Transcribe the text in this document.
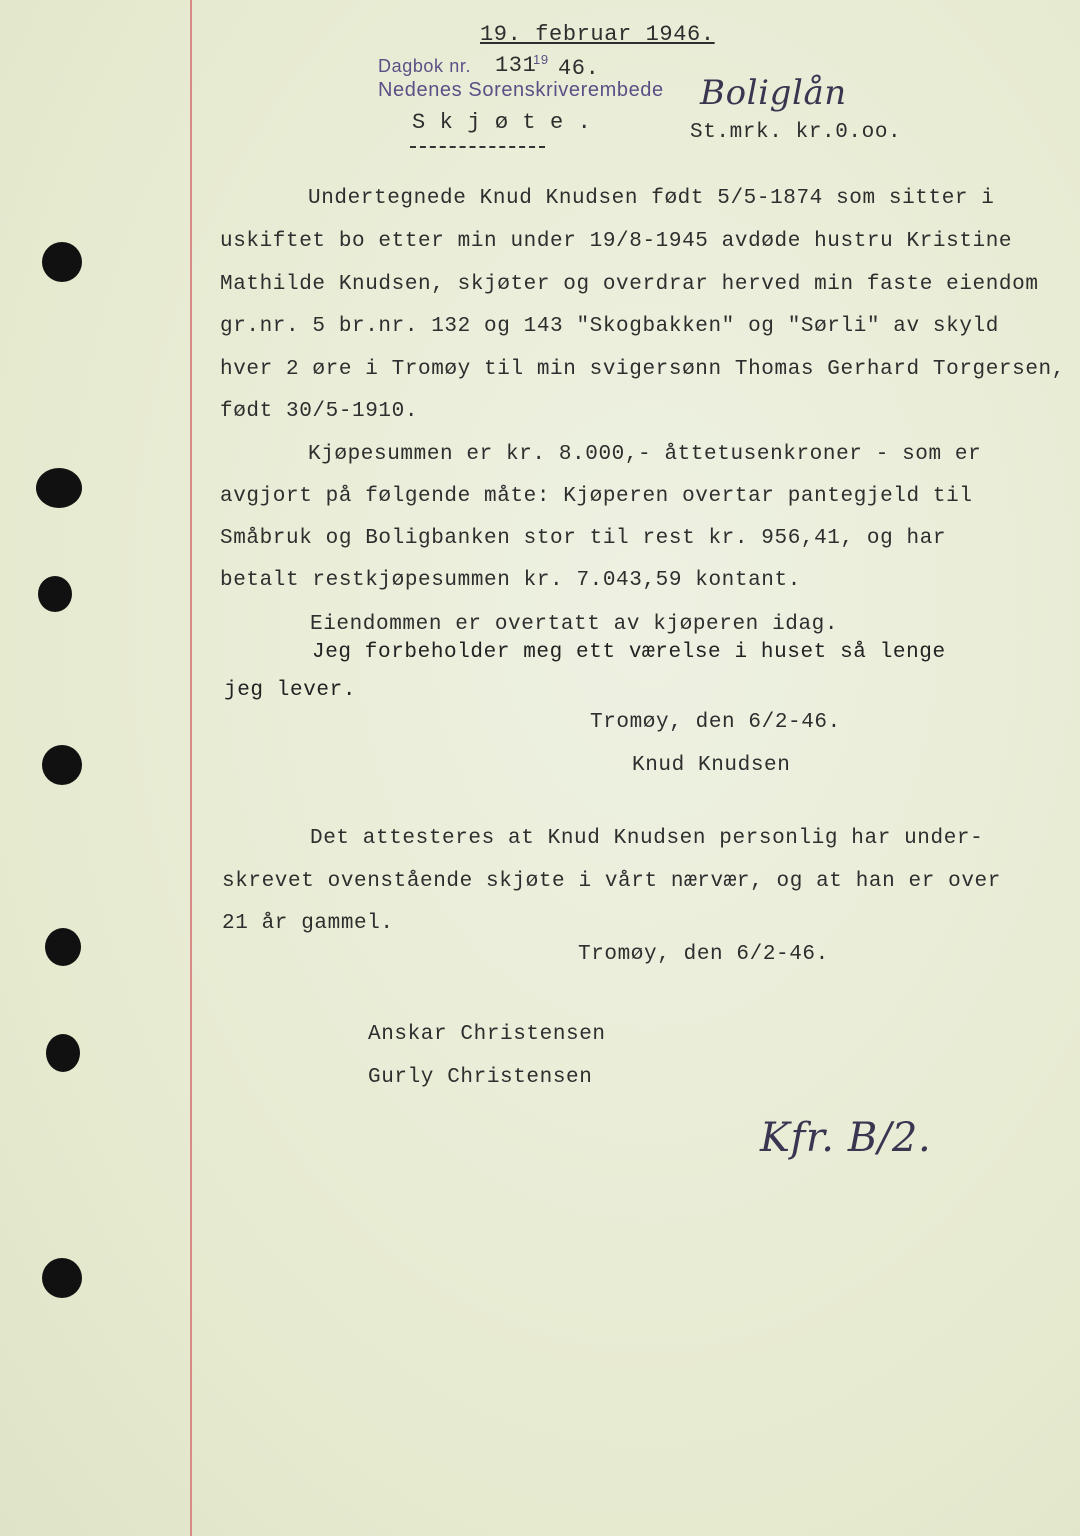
19. februar 1946.
Dagbok nr. 131
19 46.
Nedenes Sorenskriverembede
S k j ø t e .
Boliglån
St.mrk. kr.0.oo.
Undertegnede Knud Knudsen født 5/5-1874 som sitter i
uskiftet bo etter min under 19/8-1945 avdøde hustru Kristine
Mathilde Knudsen, skjøter og overdrar herved min faste eiendom
gr.nr. 5 br.nr. 132 og 143 "Skogbakken" og "Sørli" av skyld
hver 2 øre i Tromøy til min svigersønn Thomas Gerhard Torgersen,
født 30/5-1910.
Kjøpesummen er kr. 8.000,- åttetusenkroner - som er
avgjort på følgende måte: Kjøperen overtar pantegjeld til
Småbruk og Boligbanken stor til rest kr. 956,41, og har
betalt restkjøpesummen kr. 7.043,59 kontant.
Eiendommen er overtatt av kjøperen idag.
Jeg forbeholder meg ett værelse i huset så lenge
jeg lever.
Tromøy, den 6/2-46.
Knud Knudsen
Det attesteres at Knud Knudsen personlig har under-
skrevet ovenstående skjøte i vårt nærvær, og at han er over
21 år gammel.
Tromøy, den 6/2-46.
Anskar Christensen
Gurly Christensen
Kfr. B/2.
